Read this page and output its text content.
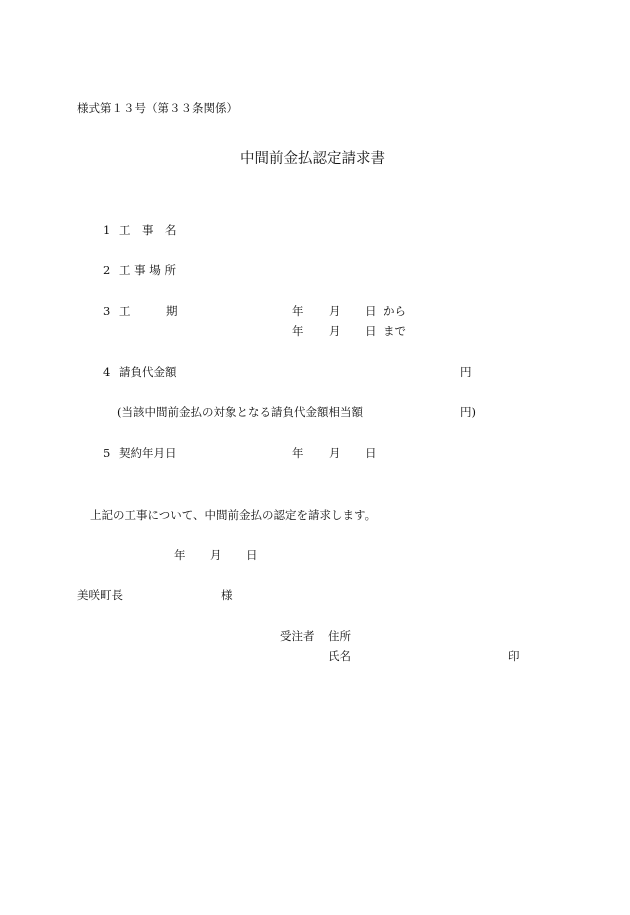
様式第１３号（第３３条関係）
中間前金払認定請求書
1 工　事　名
2 工 事 場 所
3 工	期	年 月 日 から
年 月 日 まで
4 請負代金額	円
(当該中間前金払の対象となる請負代金額相当額	円)
5 契約年月日	年 月 日
上記の工事について、中間前金払の認定を請求します。
年 月 日
美咲町長	様
受注者 住所
氏名	印
